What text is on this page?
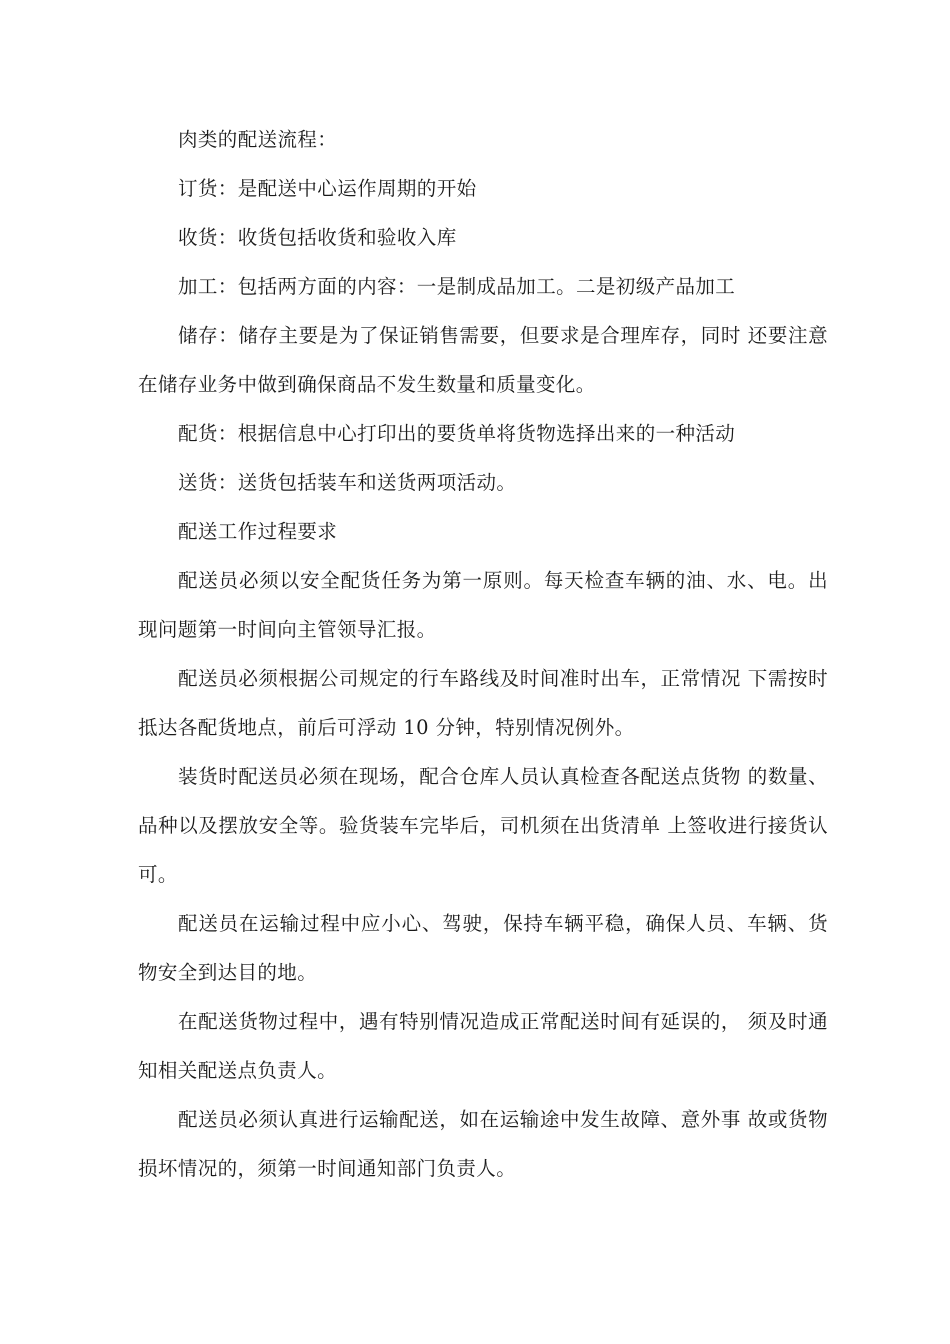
肉类的配送流程：

订货：是配送中心运作周期的开始

收货：收货包括收货和验收入库

加工：包括两方面的内容：一是制成品加工。二是初级产品加工

储存：储存主要是为了保证销售需要，但要求是合理库存，同时 还要注意在储存业务中做到确保商品不发生数量和质量变化。

配货：根据信息中心打印出的要货单将货物选择出来的一种活动

送货：送货包括装车和送货两项活动。

配送工作过程要求

配送员必须以安全配货任务为第一原则。每天检查车辆的油、水、电。出现问题第一时间向主管领导汇报。

配送员必须根据公司规定的行车路线及时间准时出车，正常情况 下需按时抵达各配货地点，前后可浮动 10 分钟，特别情况例外。

装货时配送员必须在现场，配合仓库人员认真检查各配送点货物 的数量、品种以及摆放安全等。验货装车完毕后，司机须在出货清单 上签收进行接货认可。

配送员在运输过程中应小心、驾驶，保持车辆平稳，确保人员、车辆、货物安全到达目的地。

在配送货物过程中，遇有特别情况造成正常配送时间有延误的， 须及时通知相关配送点负责人。

配送员必须认真进行运输配送，如在运输途中发生故障、意外事 故或货物损坏情况的，须第一时间通知部门负责人。
